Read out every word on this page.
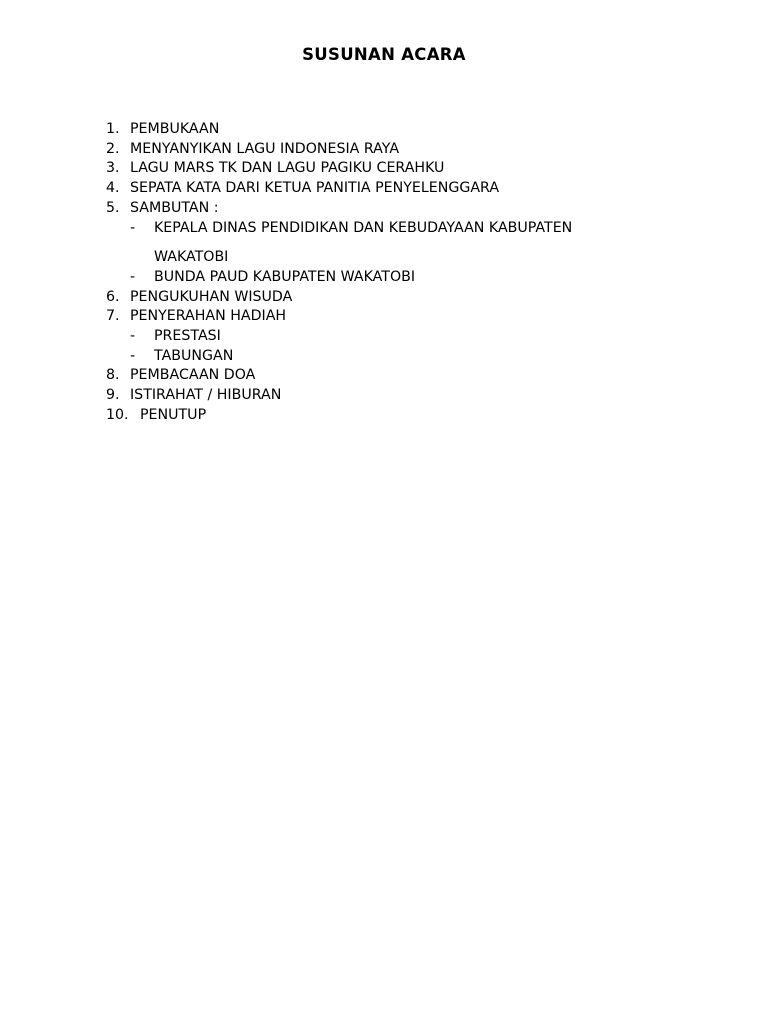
SUSUNAN ACARA
1. PEMBUKAAN
2. MENYANYIKAN LAGU INDONESIA RAYA
3. LAGU MARS TK DAN LAGU PAGIKU CERAHKU
4. SEPATA KATA DARI KETUA PANITIA PENYELENGGARA
5. SAMBUTAN :
-	KEPALA DINAS PENDIDIKAN DAN KEBUDAYAAN KABUPATEN
WAKATOBI
-	BUNDA PAUD KABUPATEN WAKATOBI
6. PENGUKUHAN WISUDA
7. PENYERAHAN HADIAH
-	PRESTASI
-	TABUNGAN
8. PEMBACAAN DOA
9. ISTIRAHAT / HIBURAN
10. PENUTUP
